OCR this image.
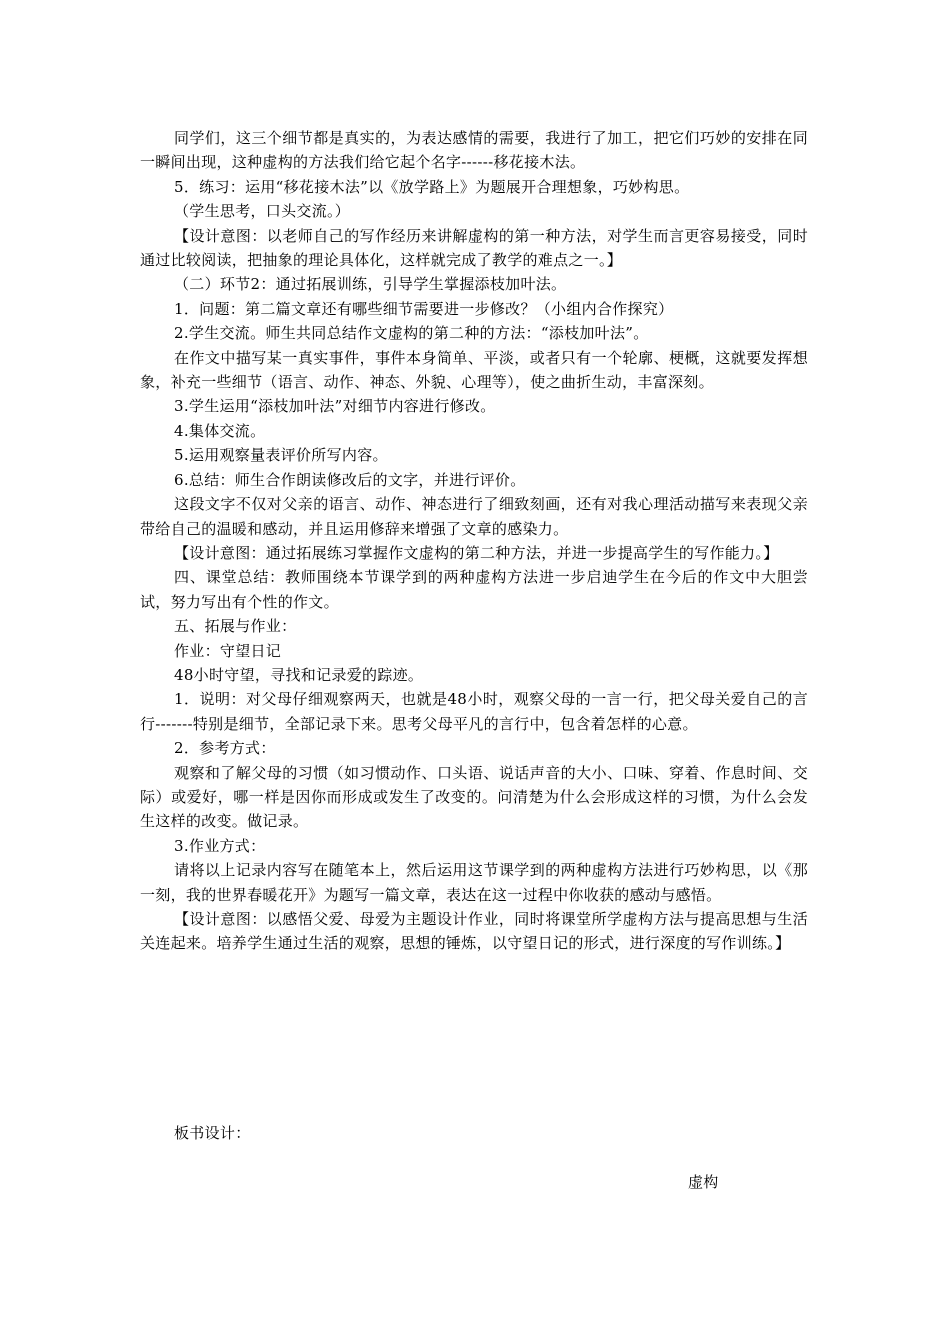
同学们，这三个细节都是真实的，为表达感情的需要，我进行了加工，把它们巧妙的安排在同一瞬间出现，这种虚构的方法我们给它起个名字------移花接木法。

5．练习：运用“移花接木法”以《放学路上》为题展开合理想象，巧妙构思。

（学生思考，口头交流。）

【设计意图：以老师自己的写作经历来讲解虚构的第一种方法，对学生而言更容易接受，同时通过比较阅读，把抽象的理论具体化，这样就完成了教学的难点之一。】

（二）环节2：通过拓展训练，引导学生掌握添枝加叶法。

1．问题：第二篇文章还有哪些细节需要进一步修改？（小组内合作探究）

2.学生交流。师生共同总结作文虚构的第二种的方法：“添枝加叶法”。

在作文中描写某一真实事件，事件本身简单、平淡，或者只有一个轮廓、梗概，这就要发挥想象，补充一些细节（语言、动作、神态、外貌、心理等），使之曲折生动，丰富深刻。

3.学生运用“添枝加叶法”对细节内容进行修改。

4.集体交流。

5.运用观察量表评价所写内容。

6.总结：师生合作朗读修改后的文字，并进行评价。

这段文字不仅对父亲的语言、动作、神态进行了细致刻画，还有对我心理活动描写来表现父亲带给自己的温暖和感动，并且运用修辞来增强了文章的感染力。

【设计意图：通过拓展练习掌握作文虚构的第二种方法，并进一步提高学生的写作能力。】

四、课堂总结：教师围绕本节课学到的两种虚构方法进一步启迪学生在今后的作文中大胆尝试，努力写出有个性的作文。

五、拓展与作业：

作业：守望日记

48小时守望，寻找和记录爱的踪迹。

1．说明：对父母仔细观察两天，也就是48小时，观察父母的一言一行，把父母关爱自己的言行-------特别是细节，全部记录下来。思考父母平凡的言行中，包含着怎样的心意。

2．参考方式：

观察和了解父母的习惯（如习惯动作、口头语、说话声音的大小、口味、穿着、作息时间、交际）或爱好，哪一样是因你而形成或发生了改变的。问清楚为什么会形成这样的习惯，为什么会发生这样的改变。做记录。

3.作业方式：

请将以上记录内容写在随笔本上，然后运用这节课学到的两种虚构方法进行巧妙构思，以《那一刻，我的世界春暖花开》为题写一篇文章，表达在这一过程中你收获的感动与感悟。

【设计意图：以感悟父爱、母爱为主题设计作业，同时将课堂所学虚构方法与提高思想与生活关连起来。培养学生通过生活的观察，思想的锤炼，以守望日记的形式，进行深度的写作训练。】

板书设计：
虚构
